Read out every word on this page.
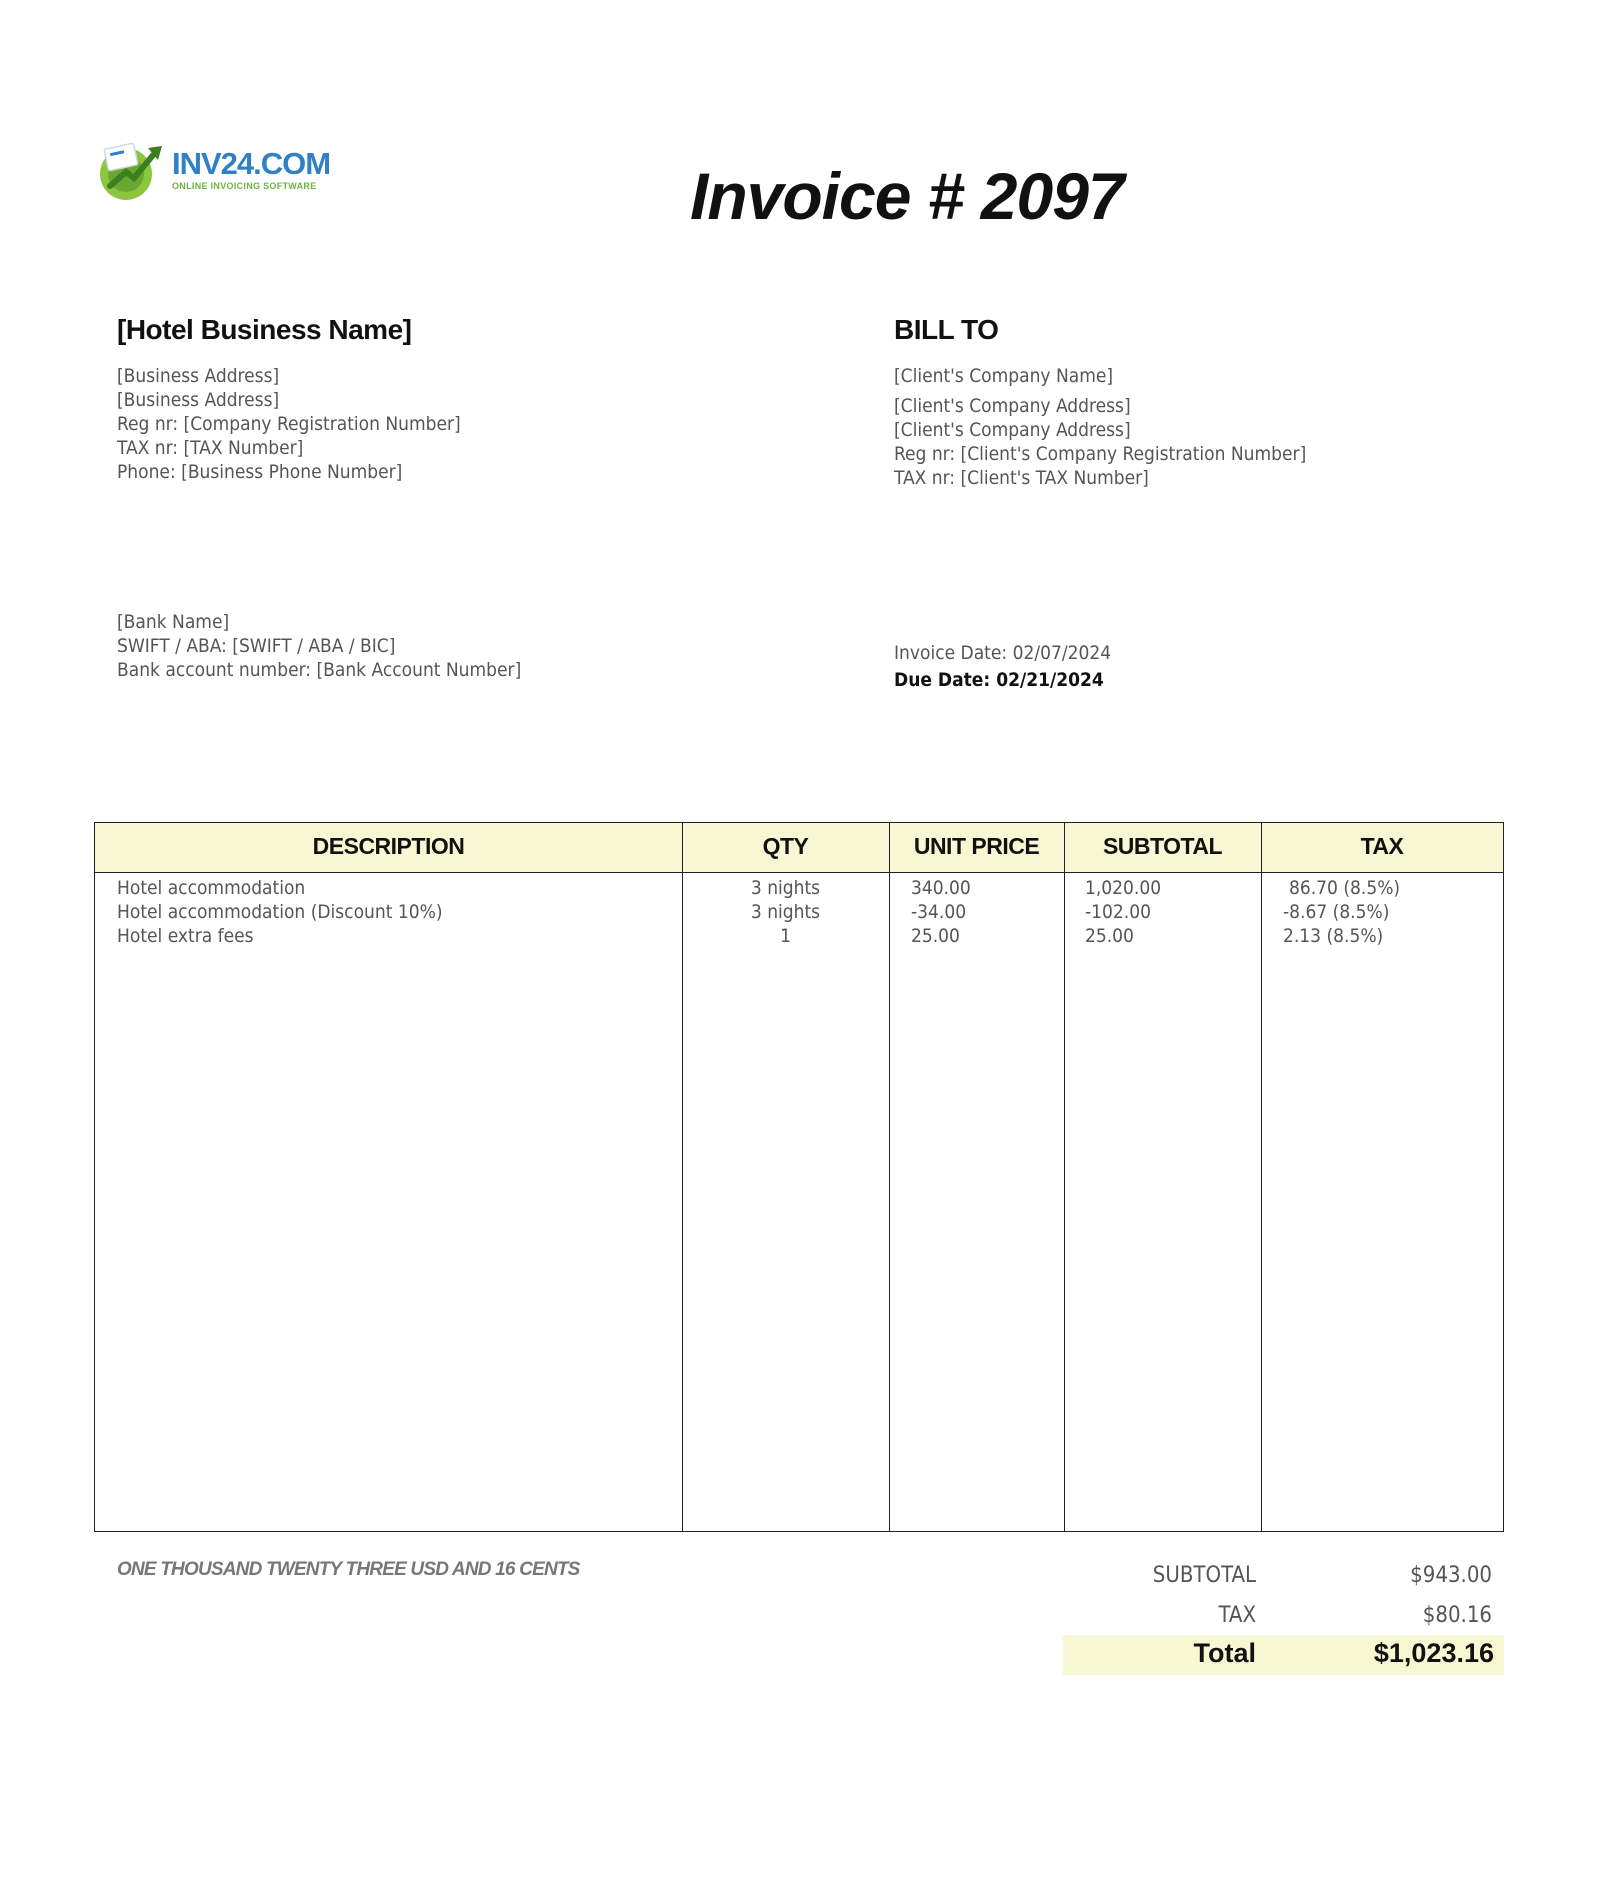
INV24.COM
ONLINE INVOICING SOFTWARE	Invoice # 2097
[Hotel Business Name]
[Business Address]
[Business Address]
Reg nr: [Company Registration Number]
TAX nr: [TAX Number]
Phone: [Business Phone Number]
BILL TO
[Client's Company Name]
[Client's Company Address]
[Client's Company Address]
Reg nr: [Client's Company Registration Number]
TAX nr: [Client's TAX Number]
[Bank Name]
SWIFT / ABA: [SWIFT / ABA / BIC]
Bank account number: [Bank Account Number]
Invoice Date: 02/07/2024
Due Date: 02/21/2024
DESCRIPTION	QTY	UNIT PRICE	SUBTOTAL	TAX
Hotel accommodation	3 nights	340.00	1,020.00	86.70 (8.5%)
Hotel accommodation (Discount 10%)	3 nights	-34.00	-102.00	-8.67 (8.5%)
Hotel extra fees	1	25.00	25.00	2.13 (8.5%)
ONE THOUSAND TWENTY THREE USD AND 16 CENTS	SUBTOTAL	$943.00
TAX	$80.16
Total	$1,023.16
